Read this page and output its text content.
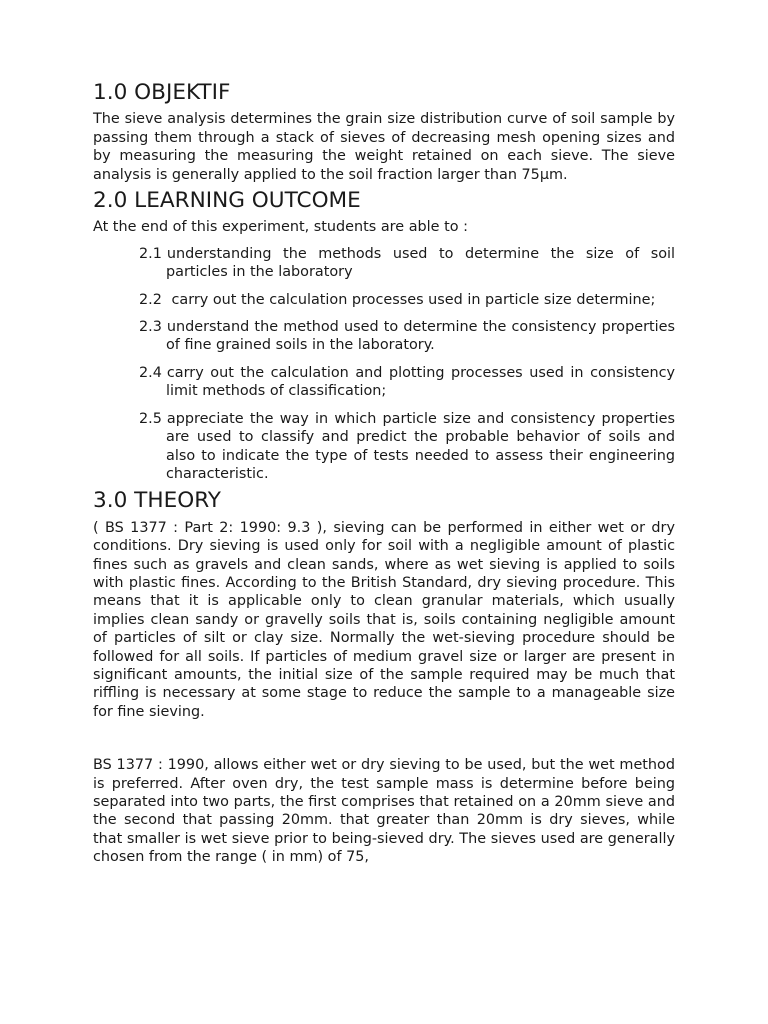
1.0 OBJEKTIF

The sieve analysis determines the grain size distribution curve of soil sample by passing them through a stack of sieves of decreasing mesh opening sizes and by measuring the measuring the weight retained on each sieve. The sieve analysis is generally applied to the soil fraction larger than 75μm.

2.0 LEARNING OUTCOME

At the end of this experiment, students are able to :

2.1 understanding the methods used to determine the size of soil particles in the laboratory
2.2 carry out the calculation processes used in particle size determine;
2.3 understand the method used to determine the consistency properties of fine grained soils in the laboratory.
2.4 carry out the calculation and plotting processes used in consistency limit methods of classification;
2.5 appreciate the way in which particle size and consistency properties are used to classify and predict the probable behavior of soils and also to indicate the type of tests needed to assess their engineering characteristic.
3.0 THEORY

( BS 1377 : Part 2: 1990: 9.3 ), sieving can be performed in either wet or dry conditions. Dry sieving is used only for soil with a negligible amount of plastic fines such as gravels and clean sands, where as wet sieving is applied to soils with plastic fines. According to the British Standard, dry sieving procedure. This means that it is applicable only to clean granular materials, which usually implies clean sandy or gravelly soils that is, soils containing negligible amount of particles of silt or clay size. Normally the wet-sieving procedure should be followed for all soils. If particles of medium gravel size or larger are present in significant amounts, the initial size of the sample required may be much that riffling is necessary at some stage to reduce the sample to a manageable size for fine sieving.

BS 1377 : 1990, allows either wet or dry sieving to be used, but the wet method is preferred. After oven dry, the test sample mass is determine before being separated into two parts, the first comprises that retained on a 20mm sieve and the second that passing 20mm. that greater than 20mm is dry sieves, while that smaller is wet sieve prior to being-sieved dry. The sieves used are generally chosen from the range ( in mm) of 75,
